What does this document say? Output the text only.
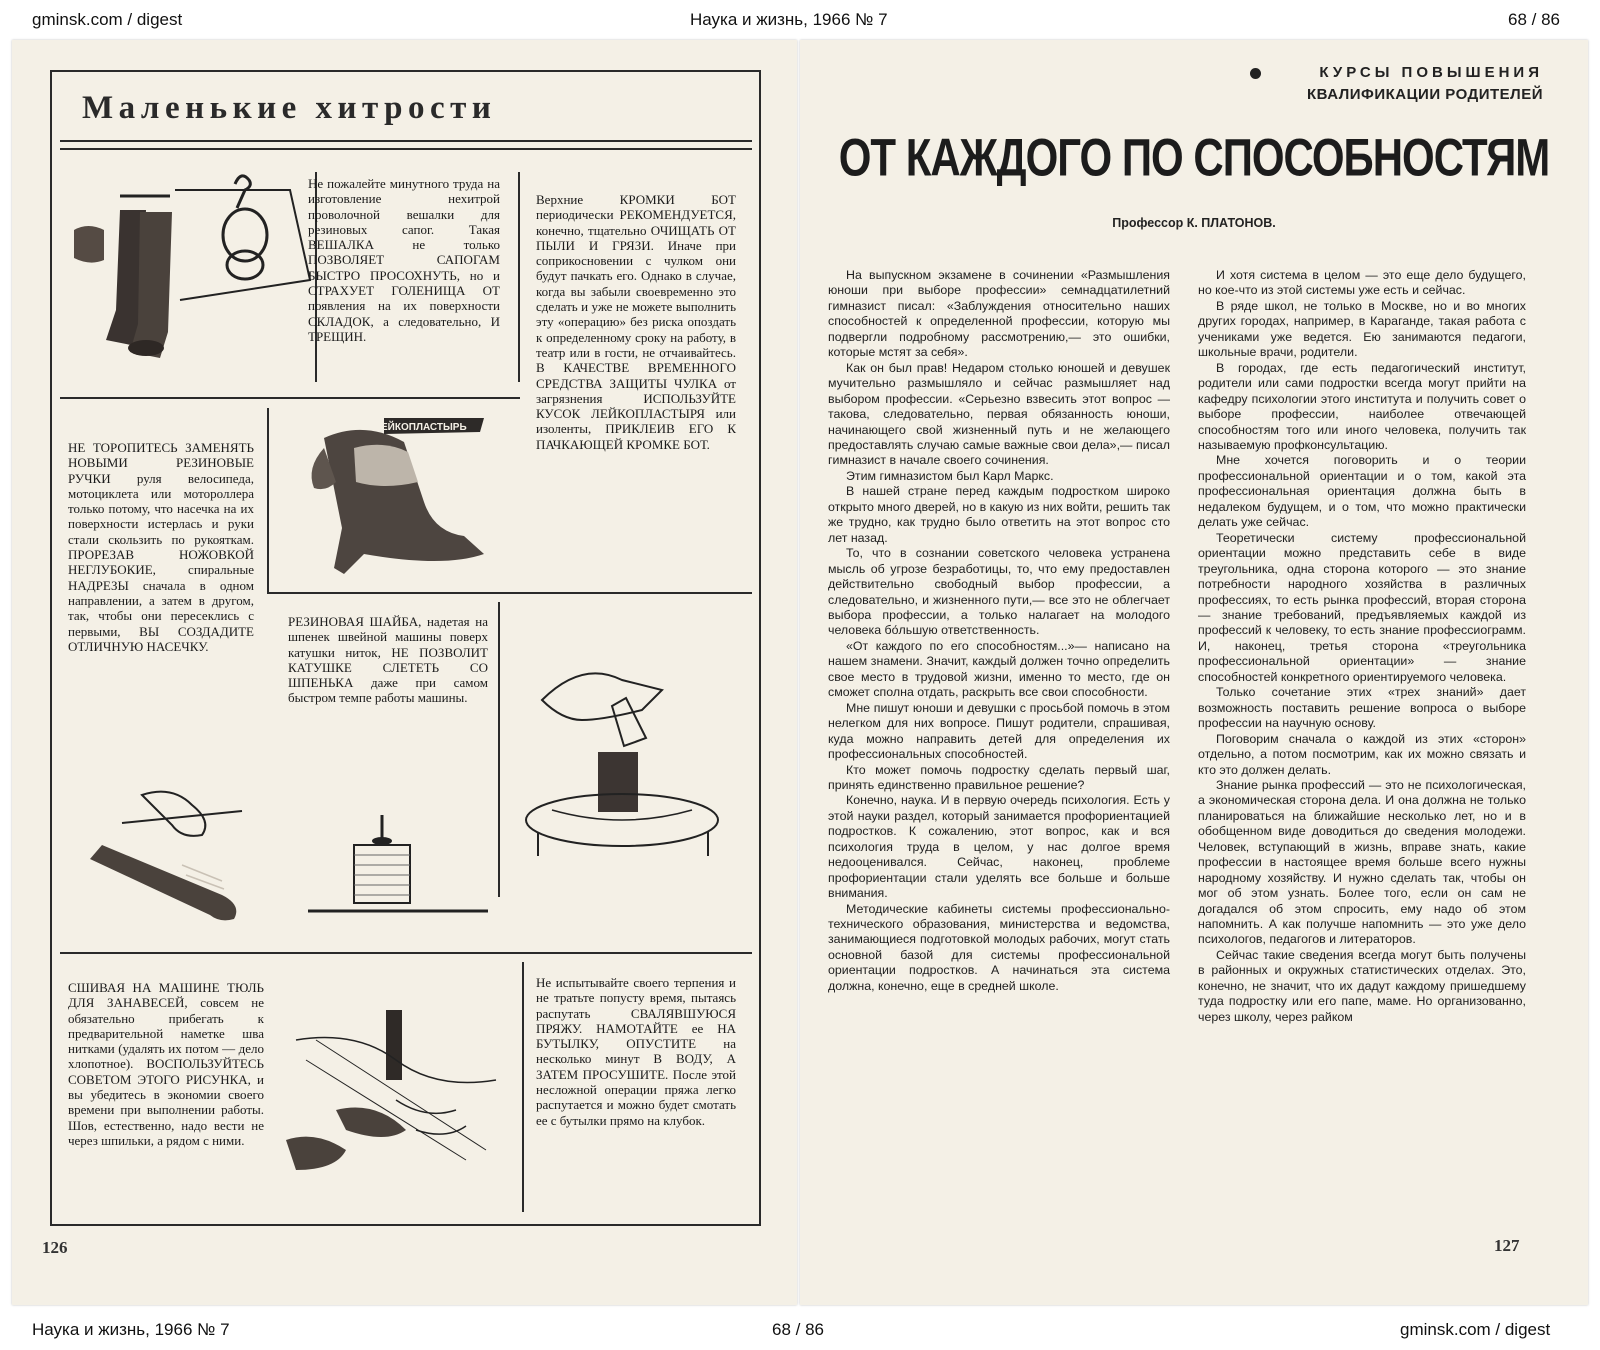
gminsk.com / digest	Наука и жизнь, 1966 № 7	68 / 86
Наука и жизнь, 1966 № 7	68 / 86	gminsk.com / digest
Маленькие хитрости
Не пожалейте минутного труда на изготовление нехитрой проволочной вешалки для резиновых сапог. Такая ВЕШАЛКА не только ПОЗВОЛЯЕТ САПОГАМ БЫСТРО ПРОСОХНУТЬ, но и СТРАХУЕТ ГОЛЕНИЩА ОТ появления на их поверхности СКЛАДОК, а следовательно, И ТРЕЩИН.
Верхние КРОМКИ БОТ периодически РЕКОМЕНДУЕТСЯ, конечно, тщательно ОЧИЩАТЬ ОТ ПЫЛИ И ГРЯЗИ. Иначе при соприкосновении с чулком они будут пачкать его. Однако в случае, когда вы забыли своевременно это сделать и уже не можете выполнить эту «операцию» без риска опоздать к определенному сроку на работу, в театр или в гости, не отчаивайтесь. В КАЧЕСТВЕ ВРЕМЕННОГО СРЕДСТВА ЗАЩИТЫ ЧУЛКА от загрязнения ИСПОЛЬЗУЙТЕ КУСОК ЛЕЙКОПЛАСТЫРЯ или изоленты, ПРИКЛЕИВ ЕГО К ПАЧКАЮЩЕЙ КРОМКЕ БОТ.
ЛЕЙКОПЛАСТЫРЬ
НЕ ТОРОПИТЕСЬ ЗАМЕНЯТЬ НОВЫМИ РЕЗИНОВЫЕ РУЧКИ руля велосипеда, мотоциклета или мотороллера только потому, что насечка на их поверхности истерлась и руки стали скользить по рукояткам. ПРОРЕЗАВ НОЖОВКОЙ НЕГЛУБОКИЕ, спиральные НАДРЕЗЫ сначала в одном направлении, а затем в другом, так, чтобы они пересеклись с первыми, ВЫ СОЗДАДИТЕ ОТЛИЧНУЮ НАСЕЧКУ.
РЕЗИНОВАЯ ШАЙБА, надетая на шпенек швейной машины поверх катушки ниток, НЕ ПОЗВОЛИТ КАТУШКЕ СЛЕТЕТЬ СО ШПЕНЬКА даже при самом быстром темпе работы машины.
СШИВАЯ НА МАШИНЕ ТЮЛЬ ДЛЯ ЗАНАВЕСЕЙ, совсем не обязательно прибегать к предварительной наметке шва нитками (удалять их потом — дело хлопотное). ВОСПОЛЬЗУЙТЕСЬ СОВЕТОМ ЭТОГО РИСУНКА, и вы убедитесь в экономии своего времени при выполнении работы. Шов, естественно, надо вести не через шпильки, а рядом с ними.
Не испытывайте своего терпения и не тратьте попусту время, пытаясь распутать СВАЛЯВШУЮСЯ ПРЯЖУ. НАМОТАЙТЕ ее НА БУТЫЛКУ, ОПУСТИТЕ на несколько минут В ВОДУ, А ЗАТЕМ ПРОСУШИТЕ. После этой несложной операции пряжа легко распутается и можно будет смотать ее с бутылки прямо на клубок.
126
КУРСЫ ПОВЫШЕНИЯ
КВАЛИФИКАЦИИ РОДИТЕЛЕЙ
ОТ КАЖДОГО ПО СПОСОБНОСТЯМ
Профессор К. ПЛАТОНОВ.

На выпускном экзамене в сочинении «Размышления юноши при выборе профессии» семнадцатилетний гимназист писал: «Заблуждения относительно наших способностей к определенной профессии, которую мы подвергли подробному рассмотрению,— это ошибки, которые мстят за себя».

Как он был прав! Недаром столько юношей и девушек мучительно размышляло и сейчас размышляет над выбором профессии. «Серьезно взвесить этот вопрос — такова, следовательно, первая обязанность юноши, начинающего свой жизненный путь и не желающего предоставлять случаю самые важные свои дела»,— писал гимназист в начале своего сочинения.

Этим гимназистом был Карл Маркс.

В нашей стране перед каждым подростком широко открыто много дверей, но в какую из них войти, решить так же трудно, как трудно было ответить на этот вопрос сто лет назад.

То, что в сознании советского человека устранена мысль об угрозе безработицы, то, что ему предоставлен действительно свободный выбор профессии, а следовательно, и жизненного пути,— все это не облегчает выбора профессии, а только налагает на молодого человека бо́льшую ответственность.

«От каждого по его способностям...»— написано на нашем знамени. Значит, каждый должен точно определить свое место в трудовой жизни, именно то место, где он сможет сполна отдать, раскрыть все свои способности.

Мне пишут юноши и девушки с просьбой помочь в этом нелегком для них вопросе. Пишут родители, спрашивая, куда можно направить детей для определения их профессиональных способностей.

Кто может помочь подростку сделать первый шаг, принять единственно правильное решение?

Конечно, наука. И в первую очередь психология. Есть у этой науки раздел, который занимается профориентацией подростков. К сожалению, этот вопрос, как и вся психология труда в целом, у нас долгое время недооценивался. Сейчас, наконец, проблеме профориентации стали уделять все больше и больше внимания.

Методические кабинеты системы профессионально-технического образования, министерства и ведомства, занимающиеся подготовкой молодых рабочих, могут стать основной базой для системы профессиональной ориентации подростков. А начинаться эта система должна, конечно, еще в средней школе.

И хотя система в целом — это еще дело будущего, но кое-что из этой системы уже есть и сейчас.

В ряде школ, не только в Москве, но и во многих других городах, например, в Караганде, такая работа с учениками уже ведется. Ею занимаются педагоги, школьные врачи, родители.

В городах, где есть педагогический институт, родители или сами подростки всегда могут прийти на кафедру психологии этого института и получить совет о выборе профессии, наиболее отвечающей способностям того или иного человека, получить так называемую профконсультацию.

Мне хочется поговорить и о теории профессиональной ориентации и о том, какой эта профессиональная ориентация должна быть в недалеком будущем, и о том, что можно практически делать уже сейчас.

Теоретически систему профессиональной ориентации можно представить себе в виде треугольника, одна сторона которого — это знание потребности народного хозяйства в различных профессиях, то есть рынка профессий, вторая сторона — знание требований, предъявляемых каждой из профессий к человеку, то есть знание профессиограмм. И, наконец, третья сторона «треугольника профессиональной ориентации» — знание способностей конкретного ориентируемого человека.

Только сочетание этих «трех знаний» дает возможность поставить решение вопроса о выборе профессии на научную основу.

Поговорим сначала о каждой из этих «сторон» отдельно, а потом посмотрим, как их можно связать и кто это должен делать.

Знание рынка профессий — это не психологическая, а экономическая сторона дела. И она должна не только планироваться на ближайшие несколько лет, но и в обобщенном виде доводиться до сведения молодежи. Человек, вступающий в жизнь, вправе знать, какие профессии в настоящее время больше всего нужны народному хозяйству. И нужно сделать так, чтобы он мог об этом узнать. Более того, если он сам не догадался об этом спросить, ему надо об этом напомнить. А как получше напомнить — это уже дело психологов, педагогов и литераторов.

Сейчас такие сведения всегда могут быть получены в районных и окружных статистических отделах. Это, конечно, не значит, что их дадут каждому пришедшему туда подростку или его папе, маме. Но организованно, через школу, через райком

127
